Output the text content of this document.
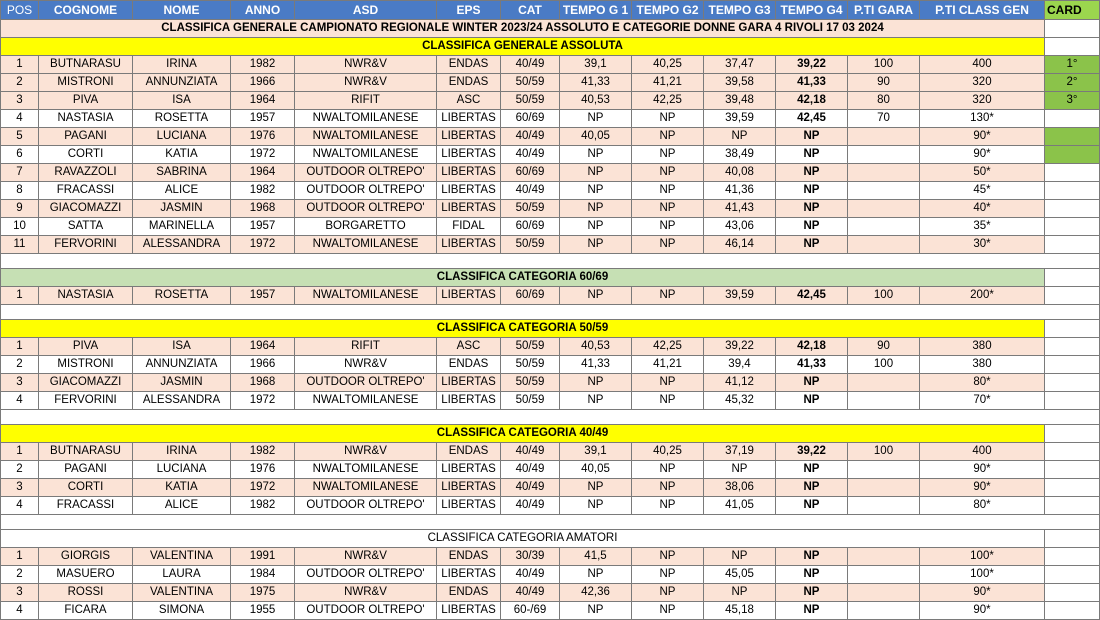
POS	COGNOME	NOME	ANNO	ASD	EPS	CAT	TEMPO G 1	TEMPO G2	TEMPO G3	TEMPO G4	P.TI GARA	P.TI CLASS GEN	CARD
CLASSIFICA GENERALE CAMPIONATO REGIONALE WINTER 2023/24 ASSOLUTO E CATEGORIE DONNE GARA 4 RIVOLI 17 03 2024													
CLASSIFICA GENERALE ASSOLUTA													
1	BUTNARASU	IRINA	1982	NWR&V	ENDAS	40/49	39,1	40,25	37,47	39,22	100	400	1°
2	MISTRONI	ANNUNZIATA	1966	NWR&V	ENDAS	50/59	41,33	41,21	39,58	41,33	90	320	2°
3	PIVA	ISA	1964	RIFIT	ASC	50/59	40,53	42,25	39,48	42,18	80	320	3°
4	NASTASIA	ROSETTA	1957	NWALTOMILANESE	LIBERTAS	60/69	NP	NP	39,59	42,45	70	130*	
5	PAGANI	LUCIANA	1976	NWALTOMILANESE	LIBERTAS	40/49	40,05	NP	NP	NP		90*	
6	CORTI	KATIA	1972	NWALTOMILANESE	LIBERTAS	40/49	NP	NP	38,49	NP		90*	
7	RAVAZZOLI	SABRINA	1964	OUTDOOR OLTREPO'	LIBERTAS	60/69	NP	NP	40,08	NP		50*	
8	FRACASSI	ALICE	1982	OUTDOOR OLTREPO'	LIBERTAS	40/49	NP	NP	41,36	NP		45*	
9	GIACOMAZZI	JASMIN	1968	OUTDOOR OLTREPO'	LIBERTAS	50/59	NP	NP	41,43	NP		40*	
10	SATTA	MARINELLA	1957	BORGARETTO	FIDAL	60/69	NP	NP	43,06	NP		35*	
11	FERVORINI	ALESSANDRA	1972	NWALTOMILANESE	LIBERTAS	50/59	NP	NP	46,14	NP		30*	

CLASSIFICA CATEGORIA 60/69													
1	NASTASIA	ROSETTA	1957	NWALTOMILANESE	LIBERTAS	60/69	NP	NP	39,59	42,45	100	200*	

CLASSIFICA CATEGORIA 50/59													
1	PIVA	ISA	1964	RIFIT	ASC	50/59	40,53	42,25	39,22	42,18	90	380	
2	MISTRONI	ANNUNZIATA	1966	NWR&V	ENDAS	50/59	41,33	41,21	39,4	41,33	100	380	
3	GIACOMAZZI	JASMIN	1968	OUTDOOR OLTREPO'	LIBERTAS	50/59	NP	NP	41,12	NP		80*	
4	FERVORINI	ALESSANDRA	1972	NWALTOMILANESE	LIBERTAS	50/59	NP	NP	45,32	NP		70*	

CLASSIFICA CATEGORIA 40/49													
1	BUTNARASU	IRINA	1982	NWR&V	ENDAS	40/49	39,1	40,25	37,19	39,22	100	400	
2	PAGANI	LUCIANA	1976	NWALTOMILANESE	LIBERTAS	40/49	40,05	NP	NP	NP		90*	
3	CORTI	KATIA	1972	NWALTOMILANESE	LIBERTAS	40/49	NP	NP	38,06	NP		90*	
4	FRACASSI	ALICE	1982	OUTDOOR OLTREPO'	LIBERTAS	40/49	NP	NP	41,05	NP		80*	

CLASSIFICA CATEGORIA AMATORI													
1	GIORGIS	VALENTINA	1991	NWR&V	ENDAS	30/39	41,5	NP	NP	NP		100*	
2	MASUERO	LAURA	1984	OUTDOOR OLTREPO'	LIBERTAS	40/49	NP	NP	45,05	NP		100*	
3	ROSSI	VALENTINA	1975	NWR&V	ENDAS	40/49	42,36	NP	NP	NP		90*	
4	FICARA	SIMONA	1955	OUTDOOR OLTREPO'	LIBERTAS	60-/69	NP	NP	45,18	NP		90*	
